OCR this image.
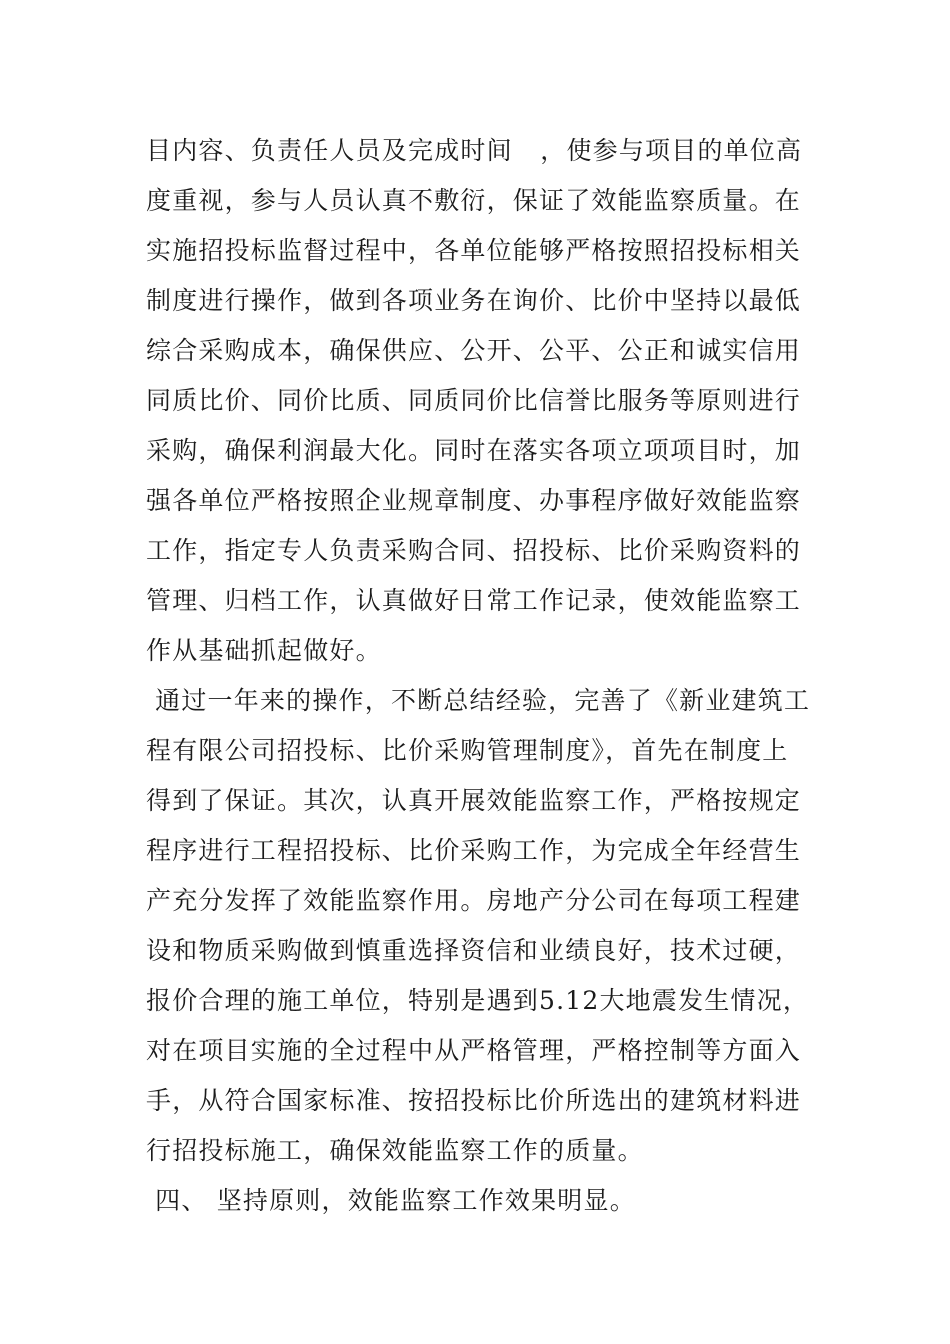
目内容、负责任人员及完成时间   ，使参与项目的单位高
度重视，参与人员认真不敷衍，保证了效能监察质量。在
实施招投标监督过程中，各单位能够严格按照招投标相关
制度进行操作，做到各项业务在询价、比价中坚持以最低
综合采购成本，确保供应、公开、公平、公正和诚实信用
同质比价、同价比质、同质同价比信誉比服务等原则进行
采购，确保利润最大化。同时在落实各项立项项目时，加
强各单位严格按照企业规章制度、办事程序做好效能监察
工作，指定专人负责采购合同、招投标、比价采购资料的
管理、归档工作，认真做好日常工作记录，使效能监察工
作从基础抓起做好。
通过一年来的操作，不断总结经验，完善了《新业建筑工
程有限公司招投标、比价采购管理制度》，首先在制度上
得到了保证。其次，认真开展效能监察工作，严格按规定
程序进行工程招投标、比价采购工作，为完成全年经营生
产充分发挥了效能监察作用。房地产分公司在每项工程建
设和物质采购做到慎重选择资信和业绩良好，技术过硬，
报价合理的施工单位，特别是遇到5.12大地震发生情况，
对在项目实施的全过程中从严格管理，严格控制等方面入
手，从符合国家标准、按招投标比价所选出的建筑材料进
行招投标施工，确保效能监察工作的质量。
四、 坚持原则，效能监察工作效果明显。
